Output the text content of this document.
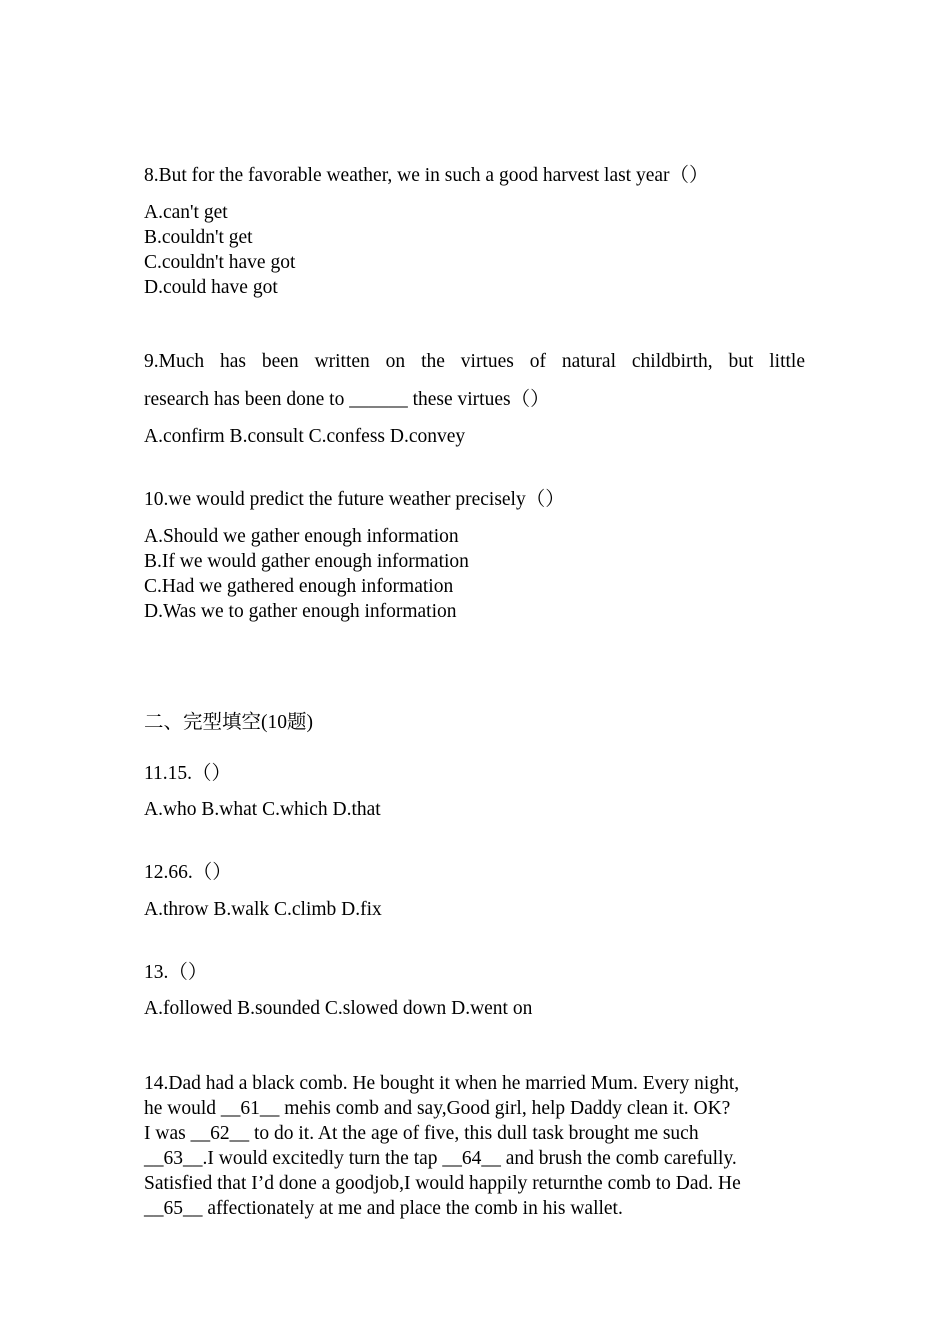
8.But for the favorable weather, we in such a good harvest last year（）
A.can't get
B.couldn't get
C.couldn't have got
D.could have got
9.Much has been written on the virtues of natural childbirth, but little
research has been done to ______ these virtues（）
A.confirm B.consult C.confess D.convey
10.we would predict the future weather precisely（）
A.Should we gather enough information
B.If we would gather enough information
C.Had we gathered enough information
D.Was we to gather enough information
二、完型填空(10题)
11.15.（）
A.who B.what C.which D.that
12.66.（）
A.throw B.walk C.climb D.fix
13.（）
A.followed B.sounded C.slowed down D.went on
14.Dad had a black comb. He bought it when he married Mum. Every night,
he would __61__ mehis comb and say,Good girl, help Daddy clean it. OK?
I was __62__ to do it. At the age of five, this dull task brought me such
__63__.I would excitedly turn the tap __64__ and brush the comb carefully.
Satisfied that I’d done a goodjob,I would happily returnthe comb to Dad. He
__65__ affectionately at me and place the comb in his wallet.
